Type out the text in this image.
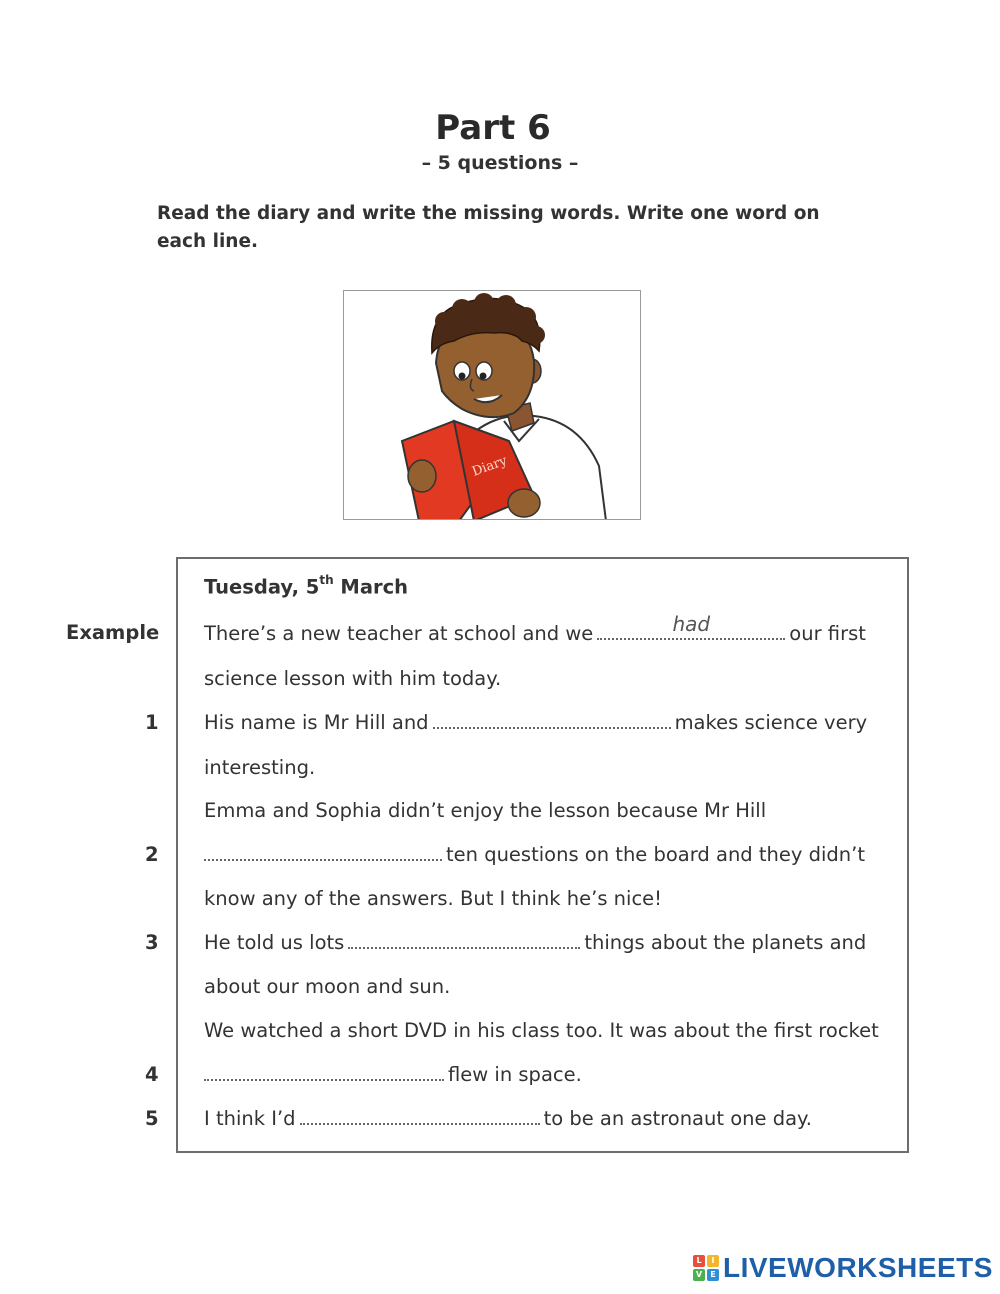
Part 6
– 5 questions –
Read the diary and write the missing words. Write one word on each line.
Diary
Tuesday, 5th March
Example There’s a new teacher at school and we	had	our first
science lesson with him today.
1 His name is Mr Hill and	makes science very
interesting.
Emma and Sophia didn’t enjoy the lesson because Mr Hill
2	ten questions on the board and they didn’t
know any of the answers. But I think he’s nice!
3 He told us lots	things about the planets and
about our moon and sun.
We watched a short DVD in his class too. It was about the first rocket
4	flew in space.
5 I think I’d	to be an astronaut one day.
L	I
V	E LIVEWORKSHEETS
